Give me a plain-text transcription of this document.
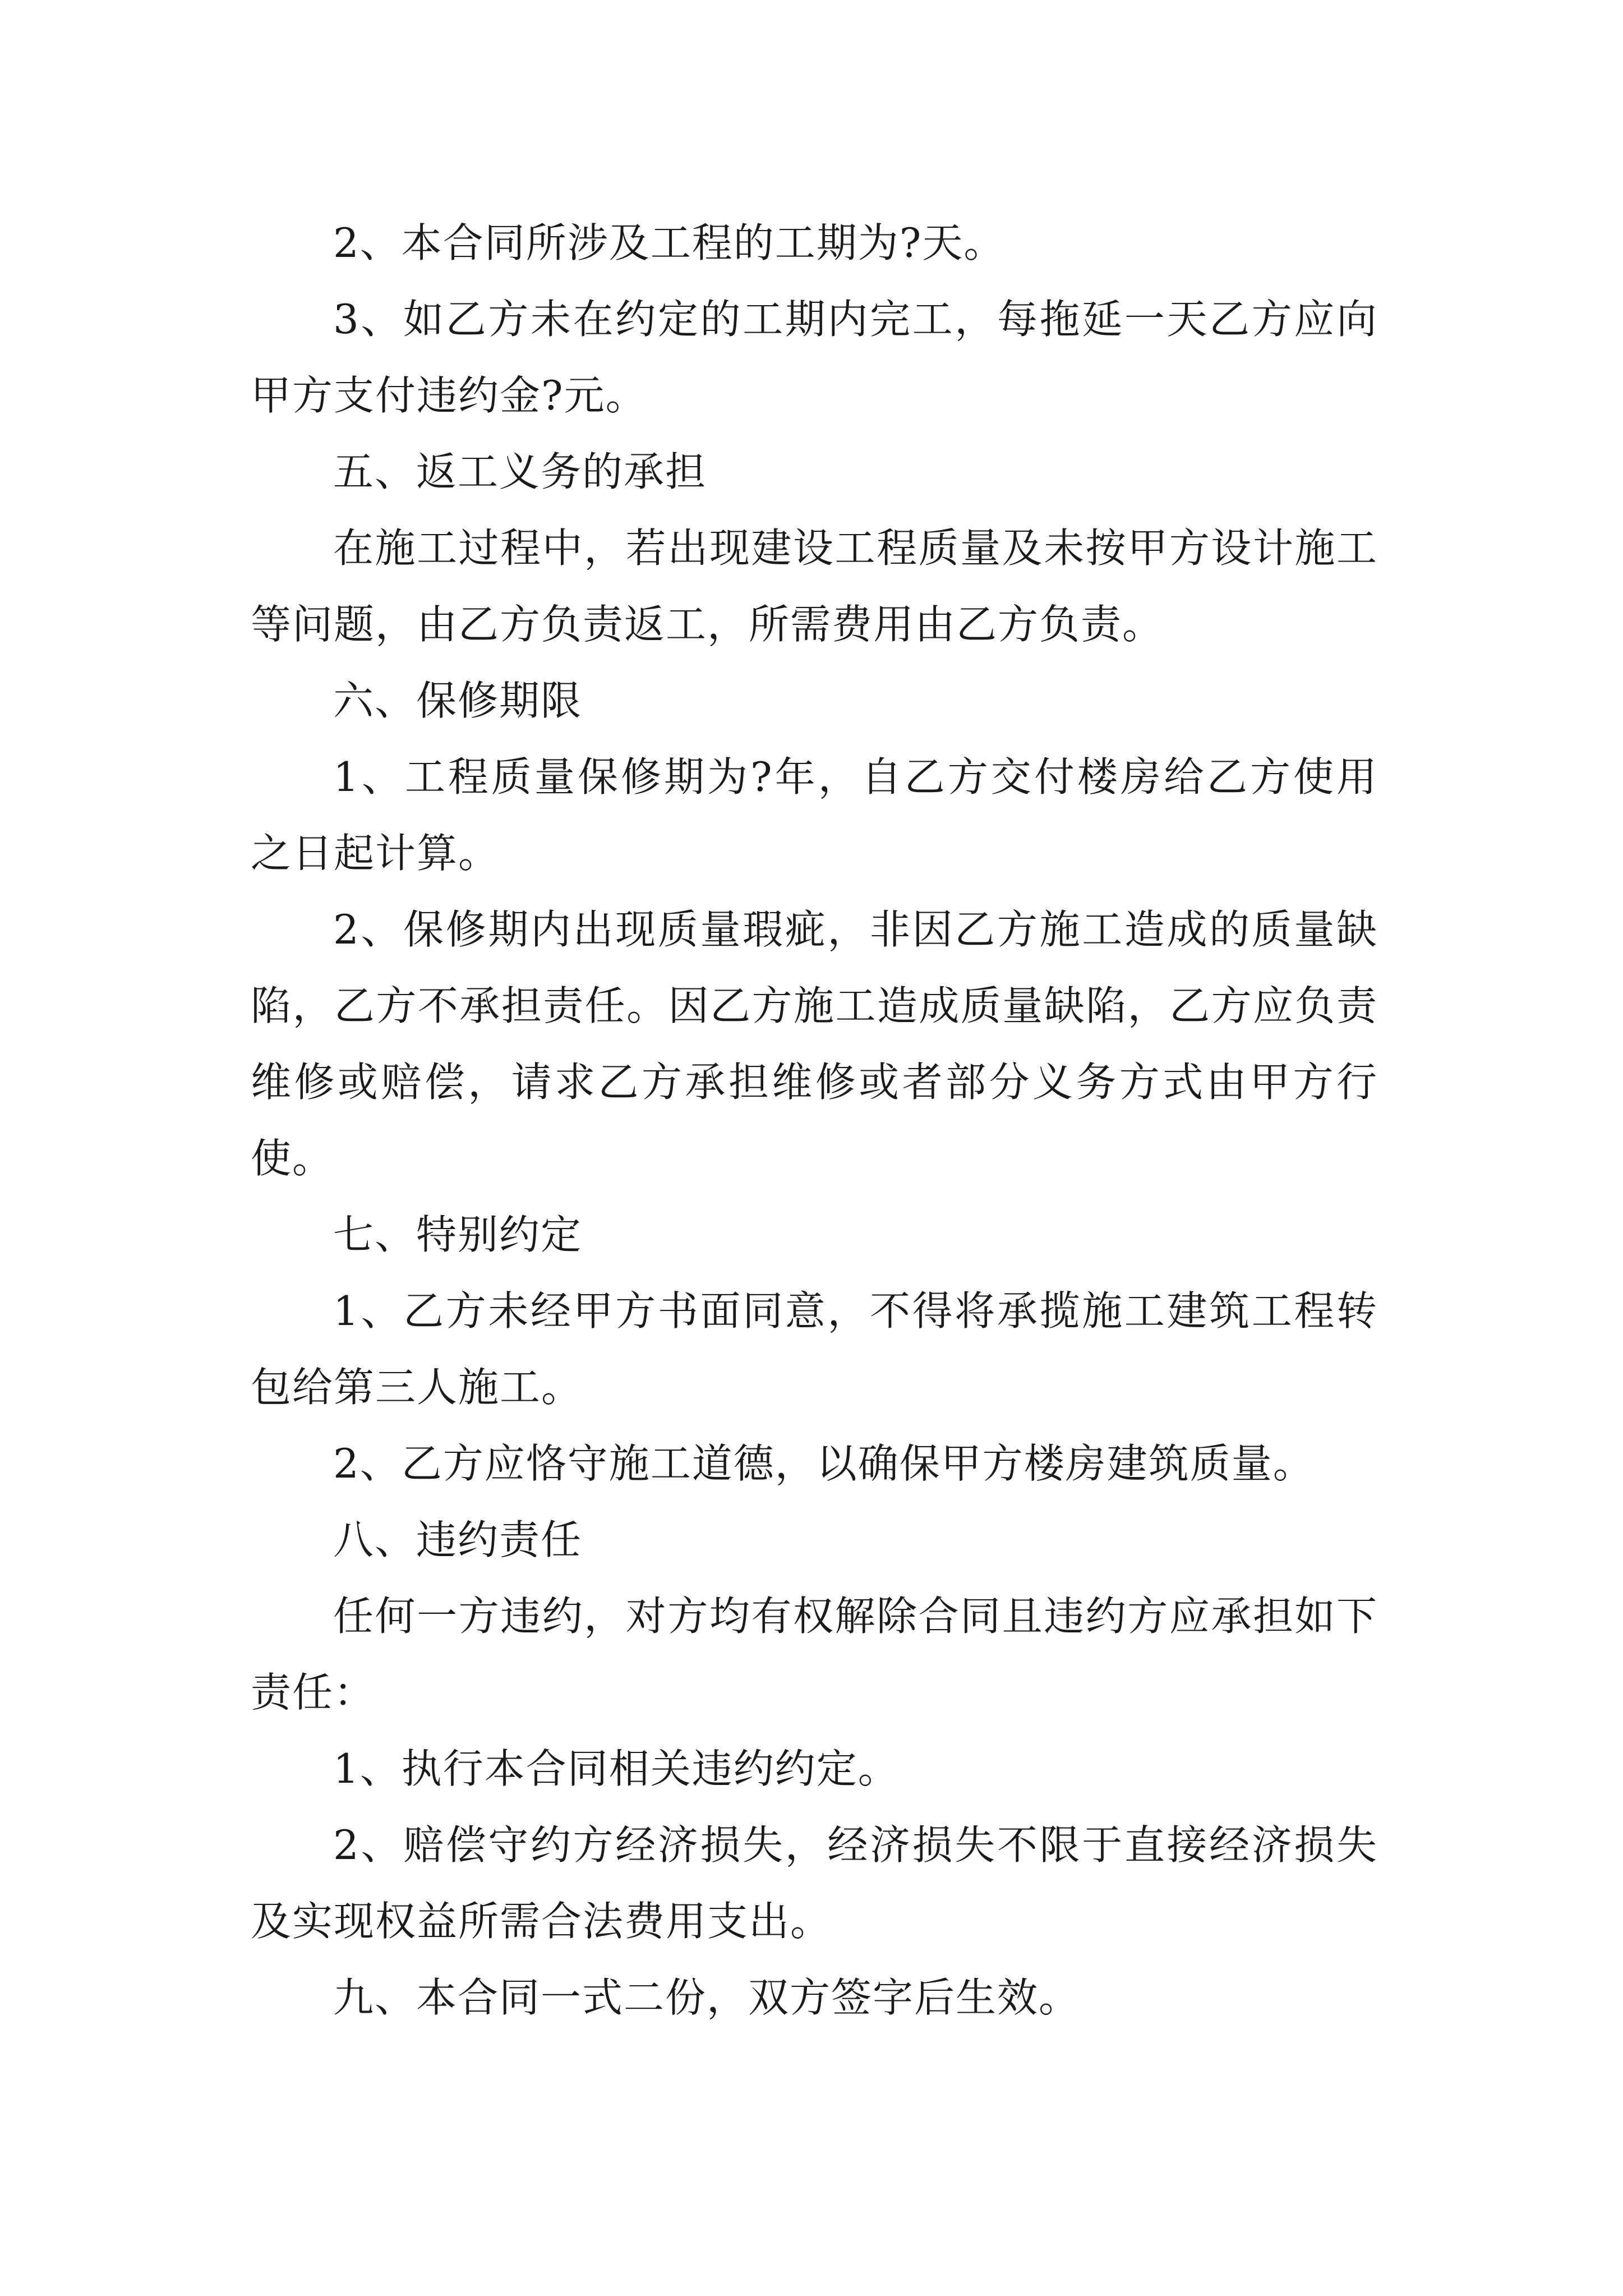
2、本合同所涉及工程的工期为?天。

3、如乙方未在约定的工期内完工，每拖延一天乙方应向甲方支付违约金?元。

五、返工义务的承担

在施工过程中，若出现建设工程质量及未按甲方设计施工等问题，由乙方负责返工，所需费用由乙方负责。

六、保修期限

1、工程质量保修期为?年，自乙方交付楼房给乙方使用之日起计算。

2、保修期内出现质量瑕疵，非因乙方施工造成的质量缺陷，乙方不承担责任。因乙方施工造成质量缺陷，乙方应负责维修或赔偿，请求乙方承担维修或者部分义务方式由甲方行使。

七、特别约定

1、乙方未经甲方书面同意，不得将承揽施工建筑工程转包给第三人施工。

2、乙方应恪守施工道德，以确保甲方楼房建筑质量。

八、违约责任

任何一方违约，对方均有权解除合同且违约方应承担如下责任：

1、执行本合同相关违约约定。

2、赔偿守约方经济损失，经济损失不限于直接经济损失及实现权益所需合法费用支出。

九、本合同一式二份，双方签字后生效。
